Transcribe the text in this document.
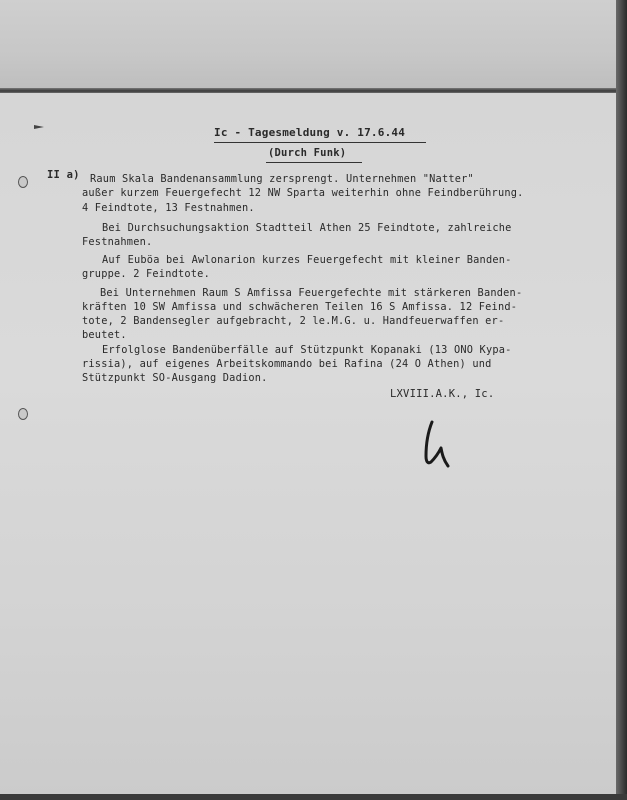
Ic - Tagesmeldung v. 17.6.44
(Durch Funk)
II a) Raum Skala Bandenansammlung zersprengt. Unternehmen "Natter"
außer kurzem Feuergefecht 12 NW Sparta weiterhin ohne Feindberührung.
4 Feindtote, 13 Festnahmen.
Bei Durchsuchungsaktion Stadtteil Athen 25 Feindtote, zahlreiche
Festnahmen.
Auf Euböa bei Awlonarion kurzes Feuergefecht mit kleiner Banden-
gruppe. 2 Feindtote.
Bei Unternehmen Raum S Amfissa Feuergefechte mit stärkeren Banden-
kräften 10 SW Amfissa und schwächeren Teilen 16 S Amfissa. 12 Feind-
tote, 2 Bandensegler aufgebracht, 2 le.M.G. u. Handfeuerwaffen er-
beutet.
Erfolglose Bandenüberfälle auf Stützpunkt Kopanaki (13 ONO Kypa-
rissia), auf eigenes Arbeitskommando bei Rafina (24 O Athen) und
Stützpunkt SO-Ausgang Dadion.
LXVIII.A.K., Ic.
